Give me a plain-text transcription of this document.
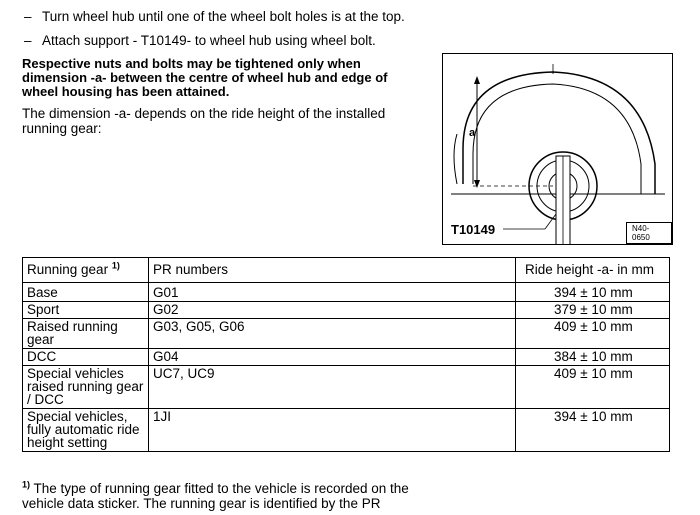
– Turn wheel hub until one of the wheel bolt holes is at the top.
– Attach support - T10149- to wheel hub using wheel bolt.
Respective nuts and bolts may be tightened only when dimension -a- between the centre of wheel hub and edge of wheel housing has been attained.
The dimension -a- depends on the ride height of the installed running gear:	a
T10149	N40-0650
Running gear $^{1)}$	PR numbers	Ride height -a- in mm
Base	G01	394 ± 10 mm
Sport	G02	379 ± 10 mm
Raised running gear	G03, G05, G06	409 ± 10 mm
DCC	G04	384 ± 10 mm
Special vehicles raised running gear / DCC	UC7, UC9	409 ± 10 mm
Special vehicles, fully automatic ride height setting	1JI	394 ± 10 mm
$^{1)}$ The type of running gear fitted to the vehicle is recorded on the vehicle data sticker. The running gear is identified by the PR
